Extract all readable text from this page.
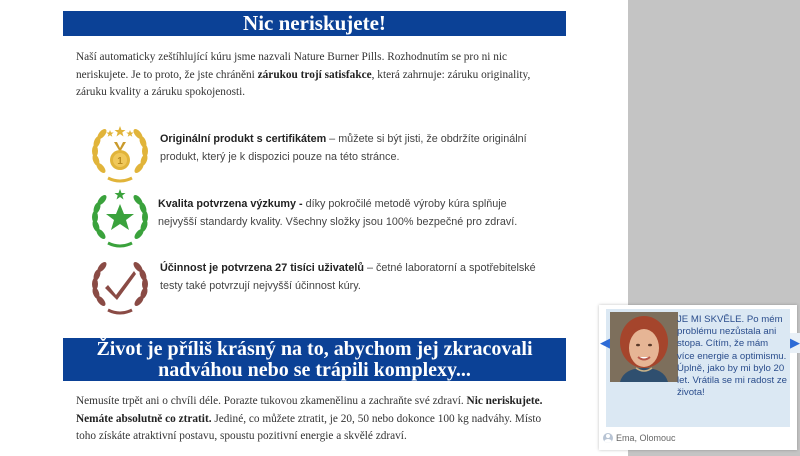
Nic neriskujete!
Naší automaticky zeštíhlující kúru jsme nazvali Nature Burner Pills. Rozhodnutím se pro ni nic neriskujete. Je to proto, že jste chráněni zárukou trojí satisfakce, která zahrnuje: záruku originality, záruku kvality a záruku spokojenosti.
1
Originální produkt s certifikátem – můžete si být jisti, že obdržíte originální produkt, který je k dispozici pouze na této stránce.
Kvalita potvrzena výzkumy - díky pokročilé metodě výroby kúra splňuje nejvyšší standardy kvality. Všechny složky jsou 100% bezpečné pro zdraví.
Účinnost je potvrzena 27 tisíci uživatelů – četné laboratorní a spotřebitelské testy také potvrzují nejvyšší účinnost kúry.
Život je příliš krásný na to, abychom jej zkracovali
nadváhou nebo se trápili komplexy...
Nemusíte trpět ani o chvíli déle. Porazte tukovou zkamenělinu a zachraňte své zdraví. Nic neriskujete. Nemáte absolutně co ztratit. Jediné, co můžete ztratit, je 20, 50 nebo dokonce 100 kg nadváhy. Místo toho získáte atraktivní postavu, spoustu pozitivní energie a skvělé zdraví.
JE MI SKVĚLE. Po mém problému nezůstala ani stopa. Cítím, že mám více energie a optimismu. Úplně, jako by mi bylo 20 let. Vrátila se mi radost ze života!
◀	▶
Ema, Olomouc
